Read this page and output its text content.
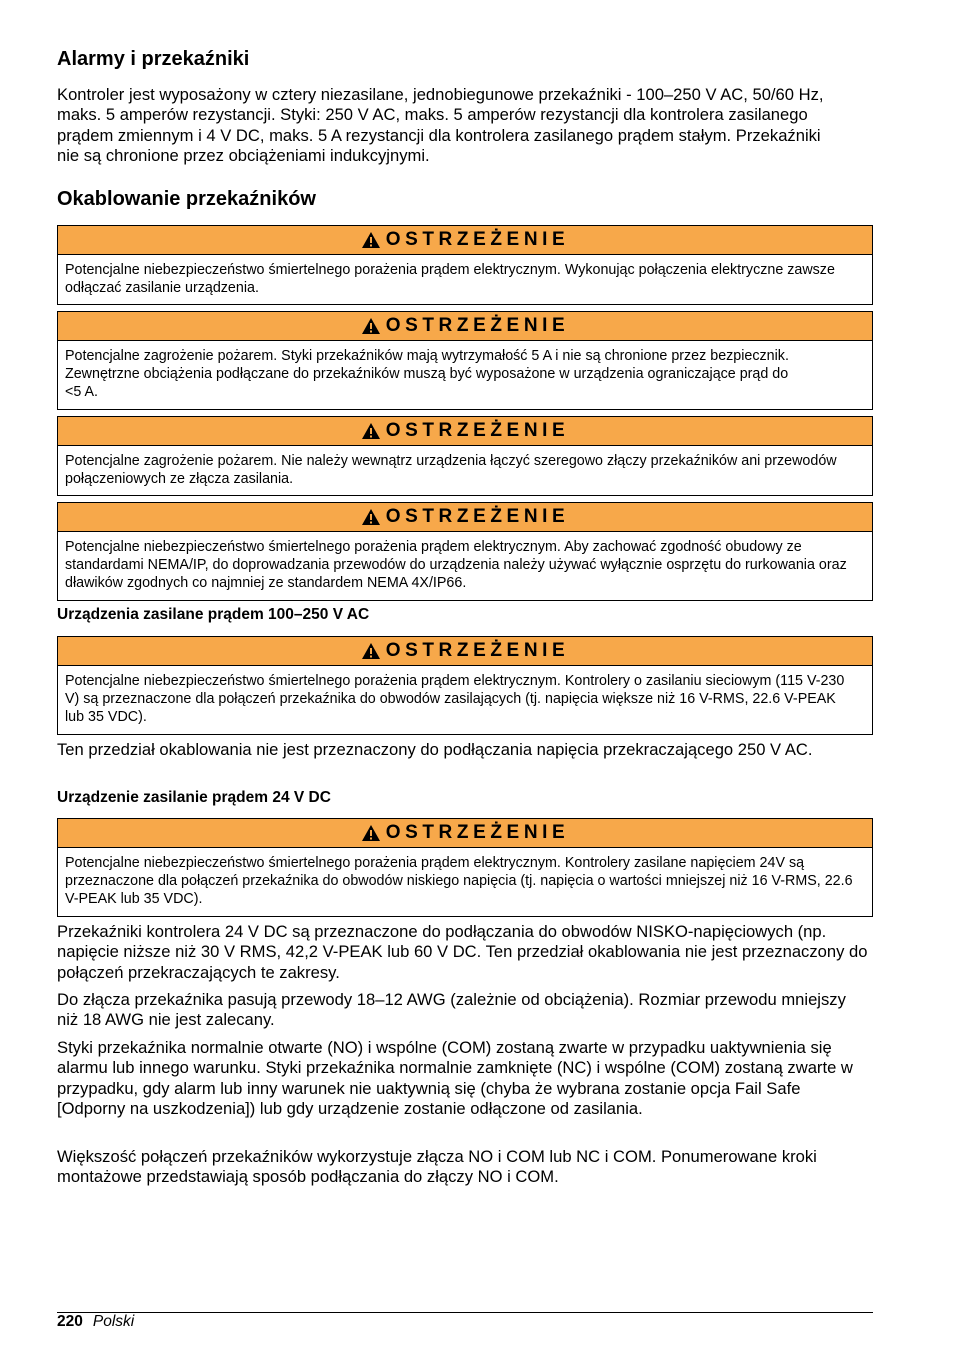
Alarmy i przekaźniki

Kontroler jest wyposażony w cztery niezasilane, jednobiegunowe przekaźniki - 100–250 V AC, 50/60 Hz, maks. 5 amperów rezystancji. Styki: 250 V AC, maks. 5 amperów rezystancji dla kontrolera zasilanego prądem zmiennym i 4 V DC, maks. 5 A rezystancji dla kontrolera zasilanego prądem stałym. Przekaźniki nie są chronione przez obciążeniami indukcyjnymi.

Okablowanie przekaźników
OSTRZEŻENIE
Potencjalne niebezpieczeństwo śmiertelnego porażenia prądem elektrycznym. Wykonując połączenia elektryczne zawsze odłączać zasilanie urządzenia.
OSTRZEŻENIE
Potencjalne zagrożenie pożarem. Styki przekaźników mają wytrzymałość 5 A i nie są chronione przez bezpiecznik. Zewnętrzne obciążenia podłączane do przekaźników muszą być wyposażone w urządzenia ograniczające prąd do <5 A.
OSTRZEŻENIE
Potencjalne zagrożenie pożarem. Nie należy wewnątrz urządzenia łączyć szeregowo złączy przekaźników ani przewodów połączeniowych ze złącza zasilania.
OSTRZEŻENIE
Potencjalne niebezpieczeństwo śmiertelnego porażenia prądem elektrycznym. Aby zachować zgodność obudowy ze standardami NEMA/IP, do doprowadzania przewodów do urządzenia należy używać wyłącznie osprzętu do rurkowania oraz dławików zgodnych co najmniej ze standardem NEMA 4X/IP66.
Urządzenia zasilane prądem 100–250 V AC
OSTRZEŻENIE
Potencjalne niebezpieczeństwo śmiertelnego porażenia prądem elektrycznym. Kontrolery o zasilaniu sieciowym (115 V-230 V) są przeznaczone dla połączeń przekaźnika do obwodów zasilających (tj. napięcia większe niż 16 V-RMS, 22.6 V-PEAK lub 35 VDC).

Ten przedział okablowania nie jest przeznaczony do podłączania napięcia przekraczającego 250 V AC.

Urządzenie zasilanie prądem 24 V DC
OSTRZEŻENIE
Potencjalne niebezpieczeństwo śmiertelnego porażenia prądem elektrycznym. Kontrolery zasilane napięciem 24V są przeznaczone dla połączeń przekaźnika do obwodów niskiego napięcia (tj. napięcia o wartości mniejszej niż 16 V-RMS, 22.6 V-PEAK lub 35 VDC).

Przekaźniki kontrolera 24 V DC są przeznaczone do podłączania do obwodów NISKO-napięciowych (np. napięcie niższe niż 30 V RMS, 42,2 V-PEAK lub 60 V DC. Ten przedział okablowania nie jest przeznaczony do połączeń przekraczających te zakresy.

Do złącza przekaźnika pasują przewody 18–12 AWG (zależnie od obciążenia). Rozmiar przewodu mniejszy niż 18 AWG nie jest zalecany.

Styki przekaźnika normalnie otwarte (NO) i wspólne (COM) zostaną zwarte w przypadku uaktywnienia się alarmu lub innego warunku. Styki przekaźnika normalnie zamknięte (NC) i wspólne (COM) zostaną zwarte w przypadku, gdy alarm lub inny warunek nie uaktywnią się (chyba że wybrana zostanie opcja Fail Safe [Odporny na uszkodzenia]) lub gdy urządzenie zostanie odłączone od zasilania.

Większość połączeń przekaźników wykorzystuje złącza NO i COM lub NC i COM. Ponumerowane kroki montażowe przedstawiają sposób podłączania do złączy NO i COM.

220 Polski
